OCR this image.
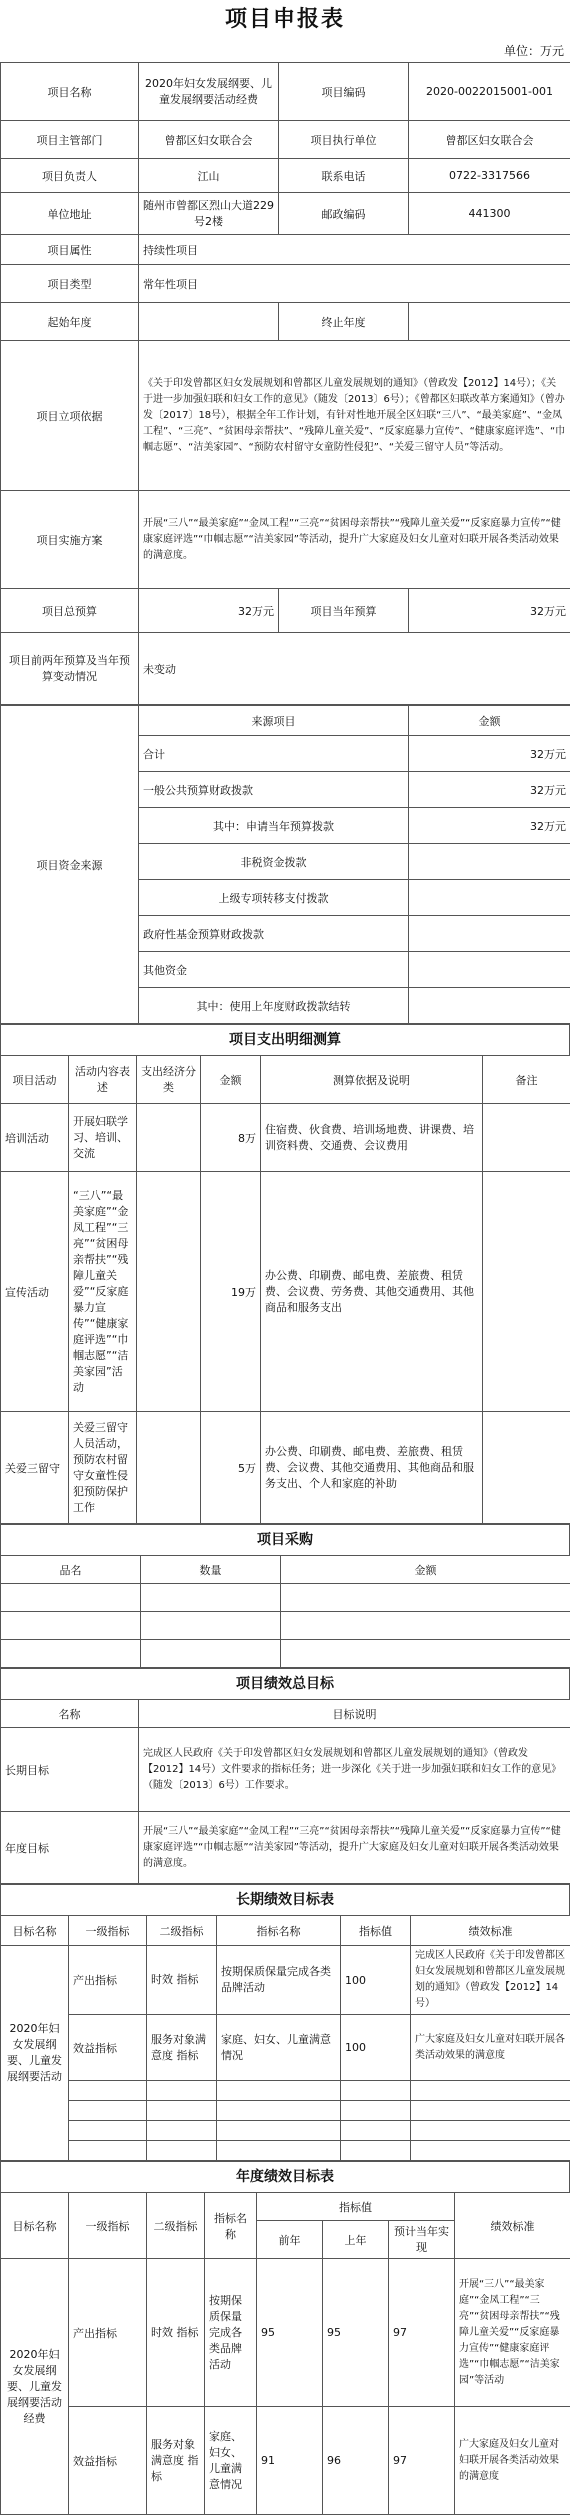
项目申报表
单位：万元
项目名称	2020年妇女发展纲要、儿童发展纲要活动经费	项目编码	2020-0022015001-001
项目主管部门	曾都区妇女联合会	项目执行单位	曾都区妇女联合会
项目负责人	江山	联系电话	0722-3317566
单位地址	随州市曾都区烈山大道229号2楼	邮政编码	441300
项目属性	持续性项目		
项目类型	常年性项目		
起始年度		终止年度	
项目立项依据	《关于印发曾都区妇女发展规划和曾都区儿童发展规划的通知》（曾政发【2012】14号）；《关于进一步加强妇联和妇女工作的意见》（随发〔2013〕6号）；《曾都区妇联改革方案通知》（曾办发〔2017〕18号），根据全年工作计划，有针对性地开展全区妇联“三八”、“最美家庭”、“金凤工程”、“三亮”、“贫困母亲帮扶”、“残障儿童关爱”、“反家庭暴力宣传”、“健康家庭评选”、“巾帼志愿”、“洁美家园”、“预防农村留守女童防性侵犯”、“关爱三留守人员”等活动。		
项目实施方案	开展“三八”“最美家庭”“金凤工程”“三亮”“贫困母亲帮扶”“残障儿童关爱”“反家庭暴力宣传”“健康家庭评选”“巾帼志愿”“洁美家园”等活动，提升广大家庭及妇女儿童对妇联开展各类活动效果的满意度。		
项目总预算	32万元	项目当年预算	32万元
项目前两年预算及当年预算变动情况	未变动		
项目资金来源	来源项目	金额
	合计	32万元
	一般公共预算财政拨款	32万元
	其中：申请当年预算拨款	32万元
	非税资金拨款	
	上级专项转移支付拨款	
	政府性基金预算财政拨款	
	其他资金	
	其中：使用上年度财政拨款结转	
项目支出明细测算
项目活动	活动内容表述	支出经济分类	金额	测算依据及说明	备注
培训活动	开展妇联学习、培训、交流		8万	住宿费、伙食费、培训场地费、讲课费、培训资料费、交通费、会议费用	
宣传活动	“三八”“最美家庭”“金凤工程”“三亮”“贫困母亲帮扶”“残障儿童关爱”“反家庭暴力宣传”“健康家庭评选”“巾帼志愿”“洁美家园”活动		19万	办公费、印刷费、邮电费、差旅费、租赁费、会议费、劳务费、其他交通费用、其他商品和服务支出	
关爱三留守	关爱三留守人员活动，预防农村留守女童性侵犯预防保护工作		5万	办公费、印刷费、邮电费、差旅费、租赁费、会议费、其他交通费用、其他商品和服务支出、个人和家庭的补助	
项目采购
品名	数量	金额

项目绩效总目标
名称	目标说明
长期目标	完成区人民政府《关于印发曾都区妇女发展规划和曾都区儿童发展规划的通知》（曾政发【2012】14号）文件要求的指标任务；进一步深化《关于进一步加强妇联和妇女工作的意见》（随发〔2013〕6号）工作要求。
年度目标	开展“三八”“最美家庭”“金凤工程”“三亮”“贫困母亲帮扶”“残障儿童关爱”“反家庭暴力宣传”“健康家庭评选”“巾帼志愿”“洁美家园”等活动，提升广大家庭及妇女儿童对妇联开展各类活动效果的满意度。
长期绩效目标表
目标名称	一级指标	二级指标	指标名称	指标值	绩效标准
2020年妇女发展纲要、儿童发展纲要活动	产出指标	时效 指标	按期保质保量完成各类品牌活动	100	完成区人民政府《关于印发曾都区妇女发展规划和曾都区儿童发展规划的通知》（曾政发【2012】14号）
	效益指标	服务对象满意度 指标	家庭、妇女、儿童满意情况	100	广大家庭及妇女儿童对妇联开展各类活动效果的满意度

年度绩效目标表
目标名称	一级指标	二级指标	指标名称	指标值			绩效标准
				前年	上年	预计当年实现	
2020年妇女发展纲要、儿童发展纲要活动经费	产出指标	时效 指标	按期保质保量完成各类品牌活动	95	95	97	开展“三八”“最美家庭”“金凤工程”“三亮”“贫困母亲帮扶”“残障儿童关爱”“反家庭暴力宣传”“健康家庭评选”“巾帼志愿”“洁美家园”等活动
	效益指标	服务对象满意度 指标	家庭、妇女、儿童满意情况	91	96	97	广大家庭及妇女儿童对妇联开展各类活动效果的满意度
